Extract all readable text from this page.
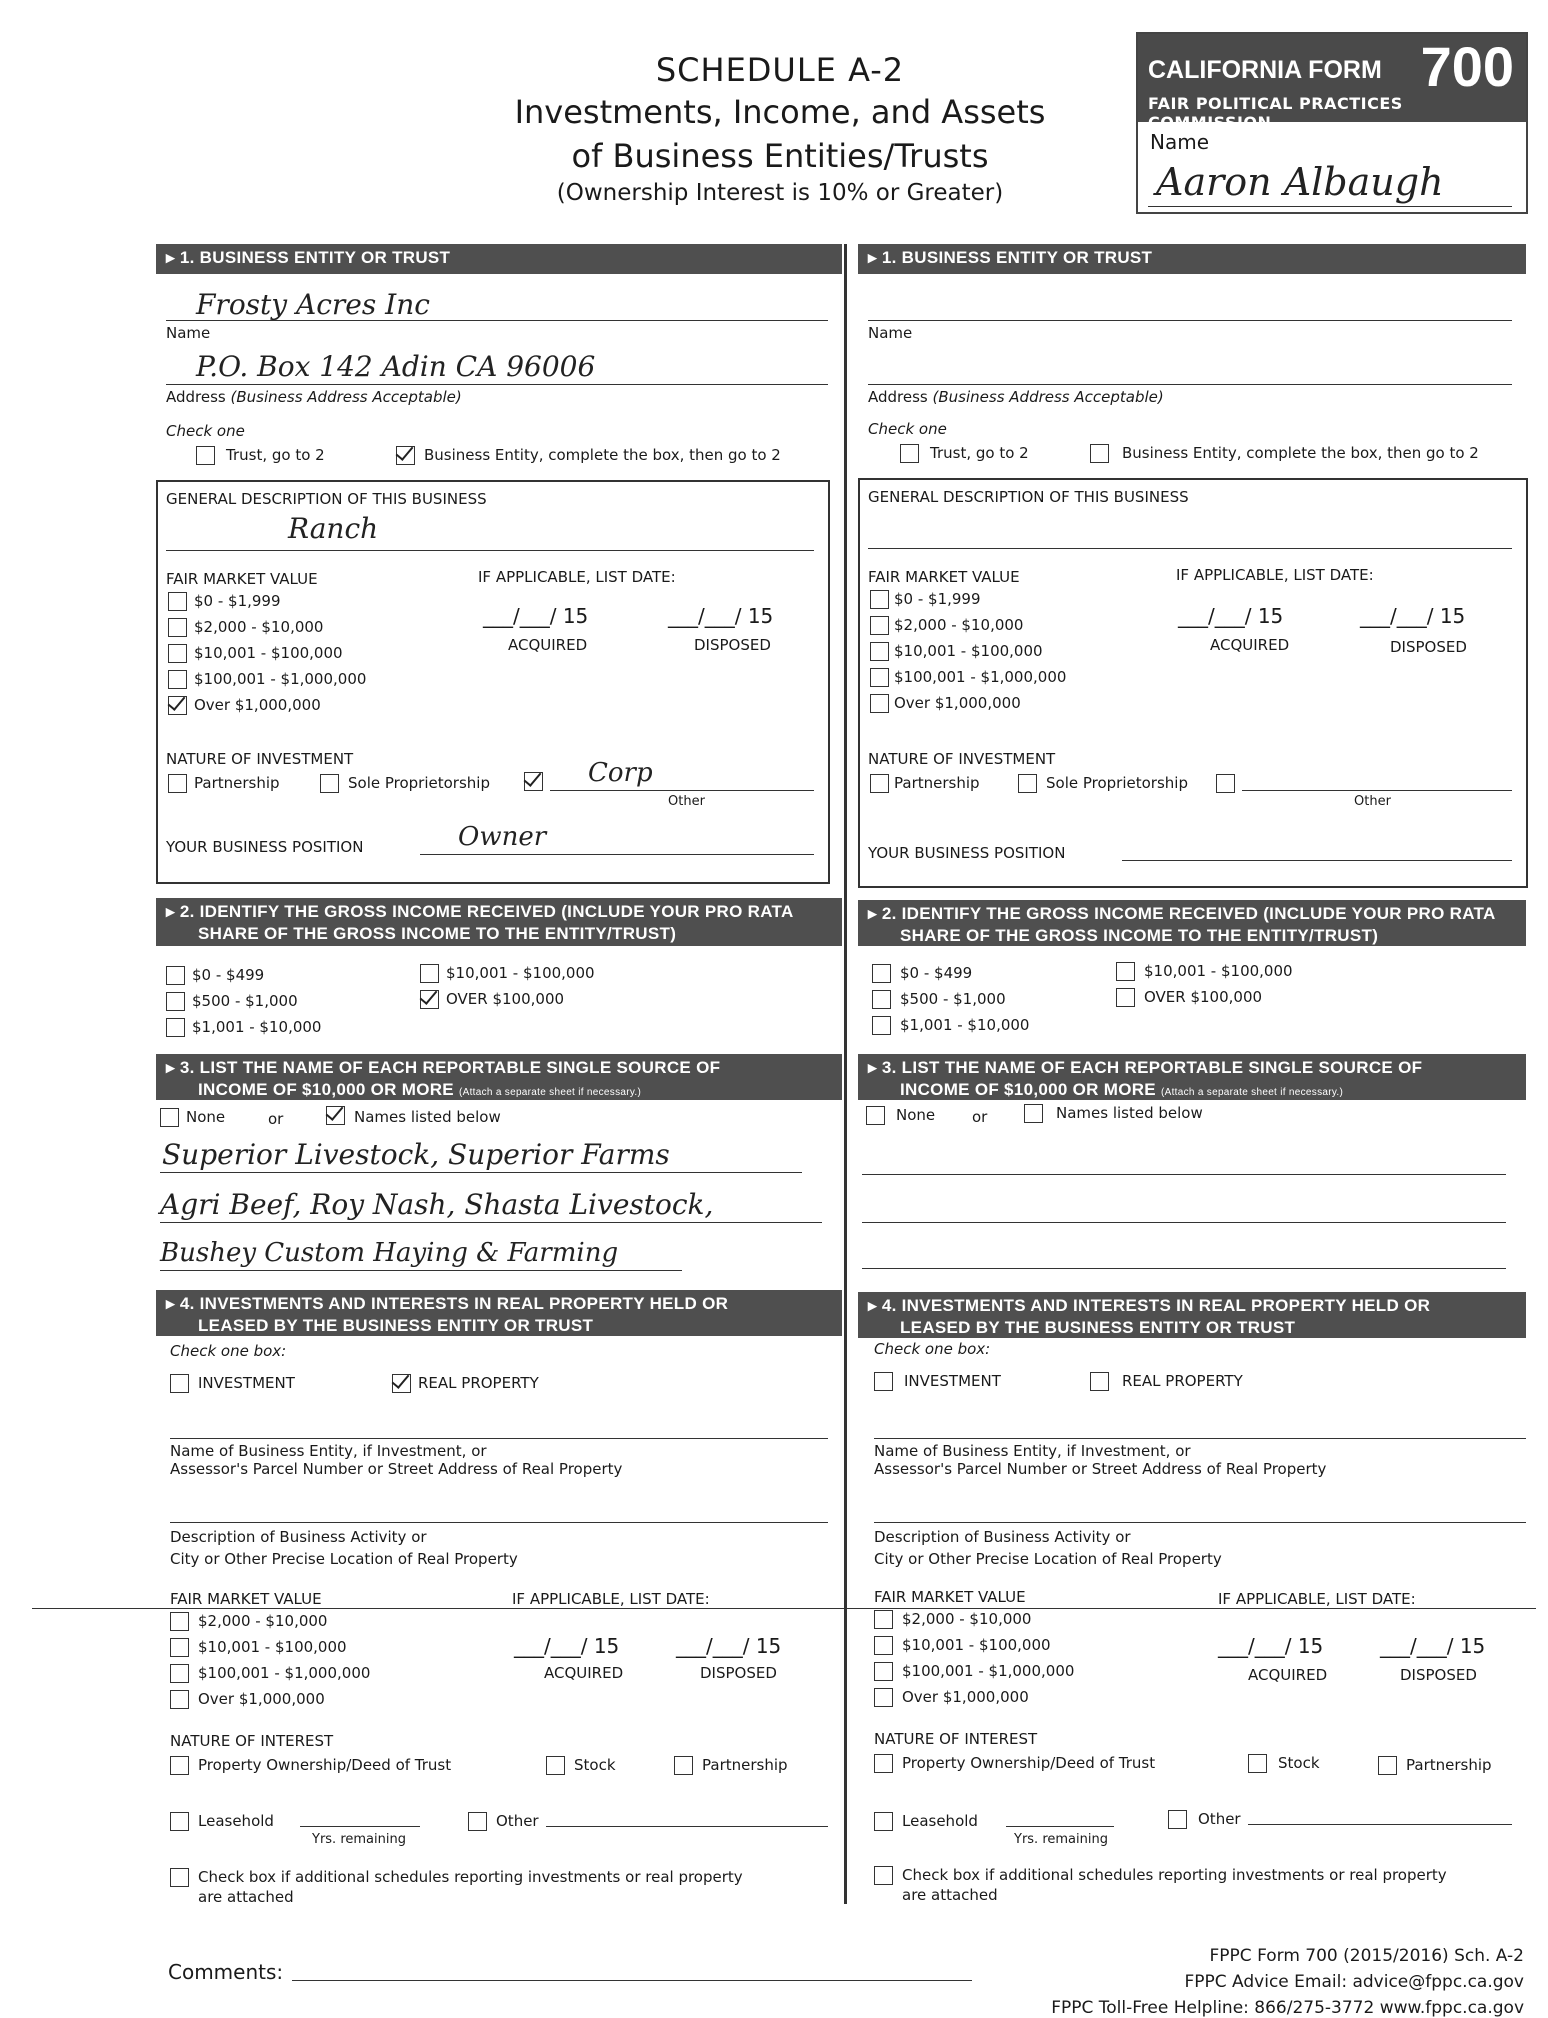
SCHEDULE A-2
Investments, Income, and Assets
of Business Entities/Trusts
(Ownership Interest is 10% or Greater)
CALIFORNIA FORM 700
FAIR POLITICAL PRACTICES COMMISSION
Name
Aaron Albaugh
▸ 1. BUSINESS ENTITY OR TRUST
Frosty Acres Inc
Name
P.O. Box 142 Adin CA 96006
Address (Business Address Acceptable)
Check one
Trust, go to 2	Business Entity, complete the box, then go to 2
GENERAL DESCRIPTION OF THIS BUSINESS
Ranch
FAIR MARKET VALUE	IF APPLICABLE, LIST DATE:
$0 - $1,999
$2,000 - $10,000
$10,001 - $100,000
$100,001 - $1,000,000
Over $1,000,000
___/___/ 15
ACQUIRED
___/___/ 15
DISPOSED
NATURE OF INVESTMENT
Partnership	Sole Proprietorship	Corp
Other
YOUR BUSINESS POSITION	Owner
▸ 2. IDENTIFY THE GROSS INCOME RECEIVED (INCLUDE YOUR PRO RATA
SHARE OF THE GROSS INCOME TO THE ENTITY/TRUST)
$0 - $499
$500 - $1,000
$1,001 - $10,000
$10,001 - $100,000
OVER $100,000
▸ 3. LIST THE NAME OF EACH REPORTABLE SINGLE SOURCE OF
INCOME OF $10,000 OR MORE (Attach a separate sheet if necessary.)
None	or	Names listed below
Superior Livestock, Superior Farms
Agri Beef, Roy Nash, Shasta Livestock,
Bushey Custom Haying & Farming
▸ 4. INVESTMENTS AND INTERESTS IN REAL PROPERTY HELD OR
LEASED BY THE BUSINESS ENTITY OR TRUST
Check one box:
INVESTMENT	REAL PROPERTY
Name of Business Entity, if Investment, or
Assessor's Parcel Number or Street Address of Real Property
Description of Business Activity or
City or Other Precise Location of Real Property
FAIR MARKET VALUE	IF APPLICABLE, LIST DATE:
$2,000 - $10,000
$10,001 - $100,000
$100,001 - $1,000,000
Over $1,000,000
___/___/ 15
ACQUIRED
___/___/ 15
DISPOSED
NATURE OF INTEREST
Property Ownership/Deed of Trust	Stock	Partnership
Leasehold
Yrs. remaining
Other
Check box if additional schedules reporting investments or real property
are attached
▸ 1. BUSINESS ENTITY OR TRUST
Name
Address (Business Address Acceptable)
Check one
Trust, go to 2	Business Entity, complete the box, then go to 2
GENERAL DESCRIPTION OF THIS BUSINESS
FAIR MARKET VALUE	IF APPLICABLE, LIST DATE:
$0 - $1,999
$2,000 - $10,000
$10,001 - $100,000
$100,001 - $1,000,000
Over $1,000,000
___/___/ 15
ACQUIRED
___/___/ 15
DISPOSED
NATURE OF INVESTMENT
Partnership	Sole Proprietorship
Other
YOUR BUSINESS POSITION
▸ 2. IDENTIFY THE GROSS INCOME RECEIVED (INCLUDE YOUR PRO RATA
SHARE OF THE GROSS INCOME TO THE ENTITY/TRUST)
$0 - $499
$500 - $1,000
$1,001 - $10,000
$10,001 - $100,000
OVER $100,000
▸ 3. LIST THE NAME OF EACH REPORTABLE SINGLE SOURCE OF
INCOME OF $10,000 OR MORE (Attach a separate sheet if necessary.)
None or	Names listed below
▸ 4. INVESTMENTS AND INTERESTS IN REAL PROPERTY HELD OR
LEASED BY THE BUSINESS ENTITY OR TRUST
Check one box:
INVESTMENT	REAL PROPERTY
Name of Business Entity, if Investment, or
Assessor's Parcel Number or Street Address of Real Property
Description of Business Activity or
City or Other Precise Location of Real Property
FAIR MARKET VALUE	IF APPLICABLE, LIST DATE:
$2,000 - $10,000
$10,001 - $100,000
$100,001 - $1,000,000
Over $1,000,000
___/___/ 15
ACQUIRED
___/___/ 15
DISPOSED
NATURE OF INTEREST
Property Ownership/Deed of Trust	Stock	Partnership
Leasehold
Yrs. remaining
Other
Check box if additional schedules reporting investments or real property
are attached
Comments:
FPPC Form 700 (2015/2016) Sch. A-2
FPPC Advice Email: advice@fppc.ca.gov
FPPC Toll-Free Helpline: 866/275-3772 www.fppc.ca.gov
